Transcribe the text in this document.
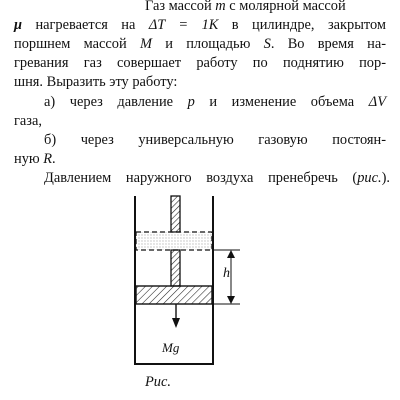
Газ массой m с молярной массой
μ нагревается на ΔT = 1K в цилиндре, закрытом
поршнем массой M и площадью S. Во время на-
гревания газ совершает работу по поднятию пор-
шня. Выразить эту работу:
а) через давление p и изменение объема ΔV
газа,
б) через универсальную газовую постоян-
ную R.
Давлением наружного воздуха пренебречь (рис.).
h
Mg
Рис.
